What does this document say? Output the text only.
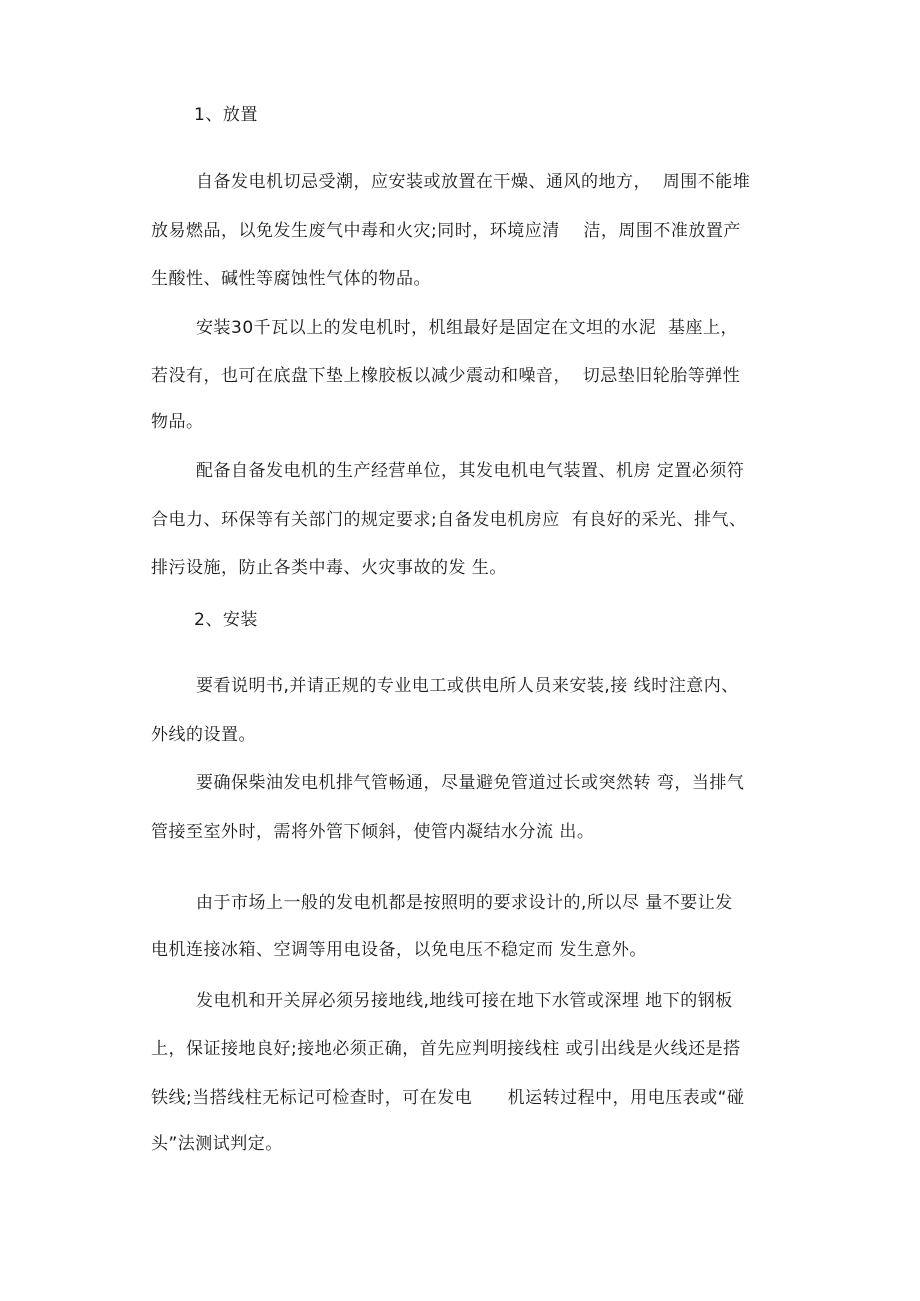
1、放置
自备发电机切忌受潮，应安装或放置在干燥、通风的地方，  周围不能堆
放易燃品，以免发生废气中毒和火灾;同时，环境应清    洁，周围不准放置产
生酸性、碱性等腐蚀性气体的物品。
安装30千瓦以上的发电机时，机组最好是固定在文坦的水泥  基座上，
若没有，也可在底盘下垫上橡胶板以减少震动和噪音，  切忌垫旧轮胎等弹性
物品。
配备自备发电机的生产经营单位，其发电机电气装置、机房 定置必须符
合电力、环保等有关部门的规定要求;自备发电机房应  有良好的采光、排气、
排污设施，防止各类中毒、火灾事故的发 生。
2、安装
要看说明书,并请正规的专业电工或供电所人员来安装,接 线时注意内、
外线的设置。
要确保柴油发电机排气管畅通，尽量避免管道过长或突然转 弯，当排气
管接至室外时，需将外管下倾斜，使管内凝结水分流 出。
由于市场上一般的发电机都是按照明的要求设计的,所以尽 量不要让发
电机连接冰箱、空调等用电设备，以免电压不稳定而 发生意外。
发电机和开关屏必须另接地线,地线可接在地下水管或深埋 地下的钢板
上，保证接地良好;接地必须正确，首先应判明接线柱 或引出线是火线还是搭
铁线;当搭线柱无标记可检查时，可在发电      机运转过程中，用电压表或“碰
头”法测试判定。
